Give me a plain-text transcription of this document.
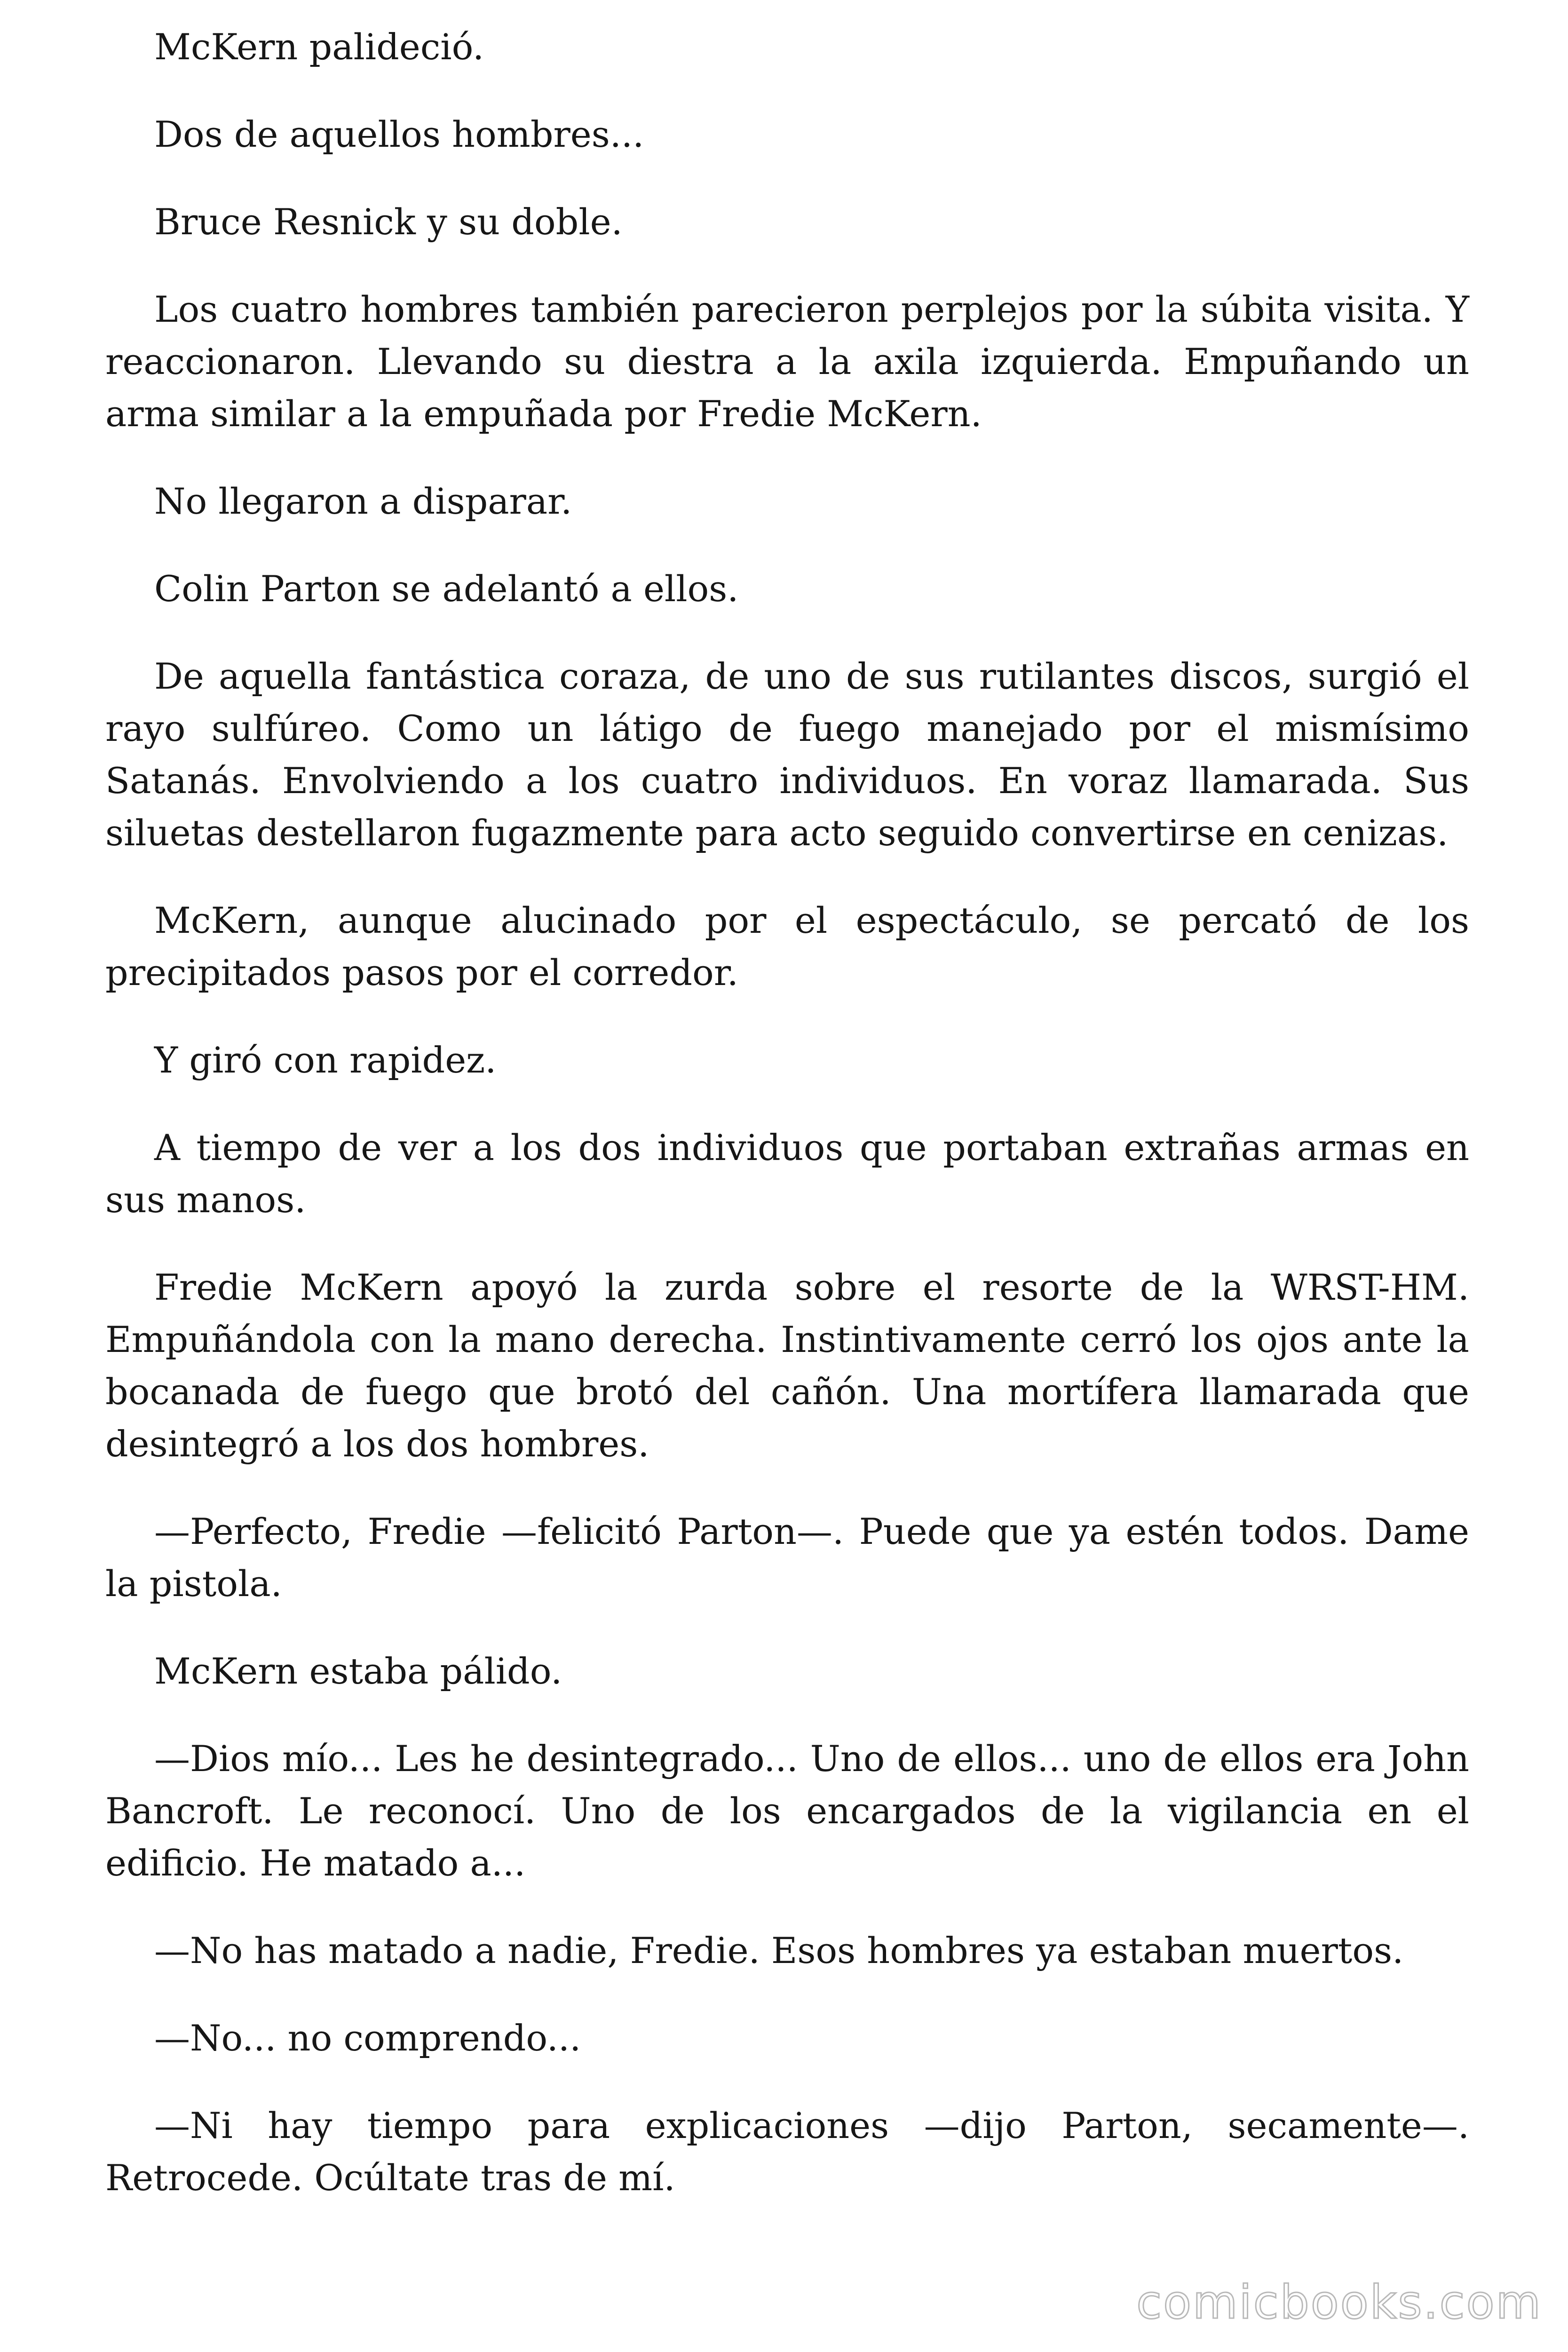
McKern palideció.

Dos de aquellos hombres...

Bruce Resnick y su doble.

Los cuatro hombres también parecieron perplejos por la súbita visita. Y reaccionaron. Llevando su diestra a la axila izquierda. Empuñando un arma similar a la empuñada por Fredie McKern.

No llegaron a disparar.

Colin Parton se adelantó a ellos.

De aquella fantástica coraza, de uno de sus rutilantes discos, surgió el rayo sulfúreo. Como un látigo de fuego manejado por el mismísimo Satanás. Envolviendo a los cuatro individuos. En voraz llamarada. Sus siluetas destellaron fugazmente para acto seguido convertirse en cenizas.

McKern, aunque alucinado por el espectáculo, se percató de los precipitados pasos por el corredor.

Y giró con rapidez.

A tiempo de ver a los dos individuos que portaban extrañas armas en sus manos.

Fredie McKern apoyó la zurda sobre el resorte de la WRST-HM. Empuñándola con la mano derecha. Instintivamente cerró los ojos ante la bocanada de fuego que brotó del cañón. Una mortífera llamarada que desintegró a los dos hombres.

—Perfecto, Fredie —felicitó Parton—. Puede que ya estén todos. Dame la pistola.

McKern estaba pálido.

—Dios mío... Les he desintegrado... Uno de ellos... uno de ellos era John Bancroft. Le reconocí. Uno de los encargados de la vigilancia en el edificio. He matado a...

—No has matado a nadie, Fredie. Esos hombres ya estaban muertos.

—No... no comprendo...

—Ni hay tiempo para explicaciones —dijo Parton, secamente—. Retrocede. Ocúltate tras de mí.

comicbooks.com
